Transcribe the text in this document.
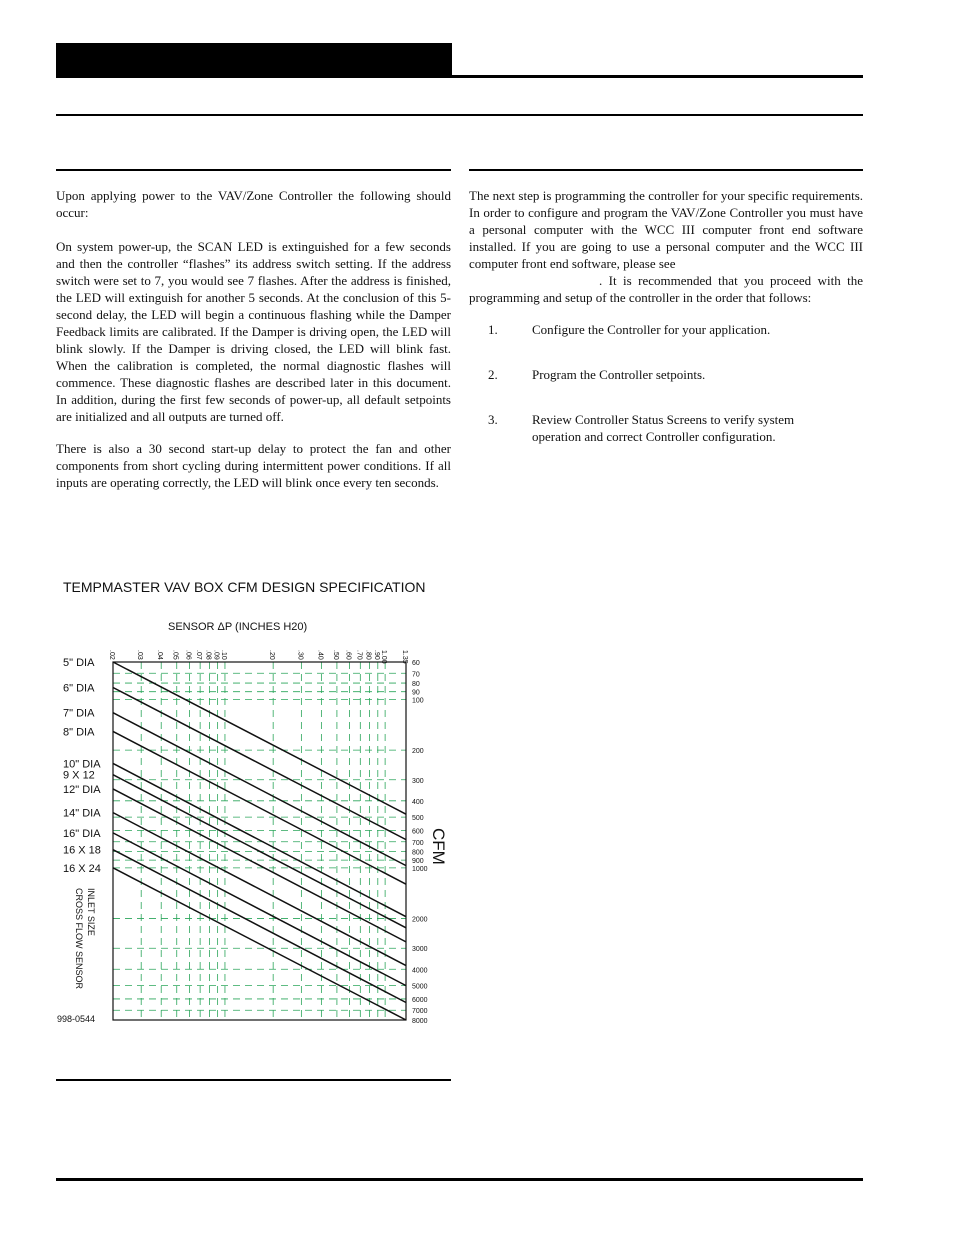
Upon applying power to the VAV/Zone Controller the following should occur:

On system power-up, the SCAN LED is extinguished for a few seconds and then the controller “flashes” its address switch setting. If the address switch were set to 7, you would see 7 flashes. After the address is finished, the LED will extinguish for another 5 seconds. At the conclusion of this 5-second delay, the LED will begin a continuous flashing while the Damper Feedback limits are calibrated. If the Damper is driving open, the LED will blink slowly. If the Damper is driving closed, the LED will blink fast. When the calibration is completed, the normal diagnostic flashes will commence. These diagnostic flashes are described later in this document. In addition, during the first few seconds of power-up, all default setpoints are initialized and all outputs are turned off.

There is also a 30 second start-up delay to protect the fan and other components from short cycling during intermittent power conditions. If all inputs are operating correctly, the LED will blink once every ten seconds.

The next step is programming the controller for your specific requirements. In order to configure and program the VAV/Zone Controller you must have a personal computer with the WCC III computer front end software installed. If you are going to use a personal computer and the WCC III computer front end software, please see
. It is recommended that you proceed with the programming and setup of the controller in the order that follows:

1.	Configure the Controller for your application.
2.	Program the Controller setpoints.
3.	Review Controller Status Screens to verify system operation and correct Controller configuration.
TEMPMASTER VAV BOX CFM DESIGN SPECIFICATION
SENSOR ΔP (INCHES H20)
.02	.03 .04 .05 .06 .07 .08 .09 .10	.20	.30 .40 .50 .60 .70 .80 .90 1.00 1.35 60
70
80
90
100
200
300
400
500
600
700
800
900
1000
2000
3000
4000
5000
6000
7000
8000
5" DIA
6" DIA
7" DIA
8" DIA
10" DIA
9 X 12
12" DIA
14" DIA
16" DIA
16 X 18
16 X 24
CFM
INLET SIZE
CROSS FLOW SENSOR
998-0544
